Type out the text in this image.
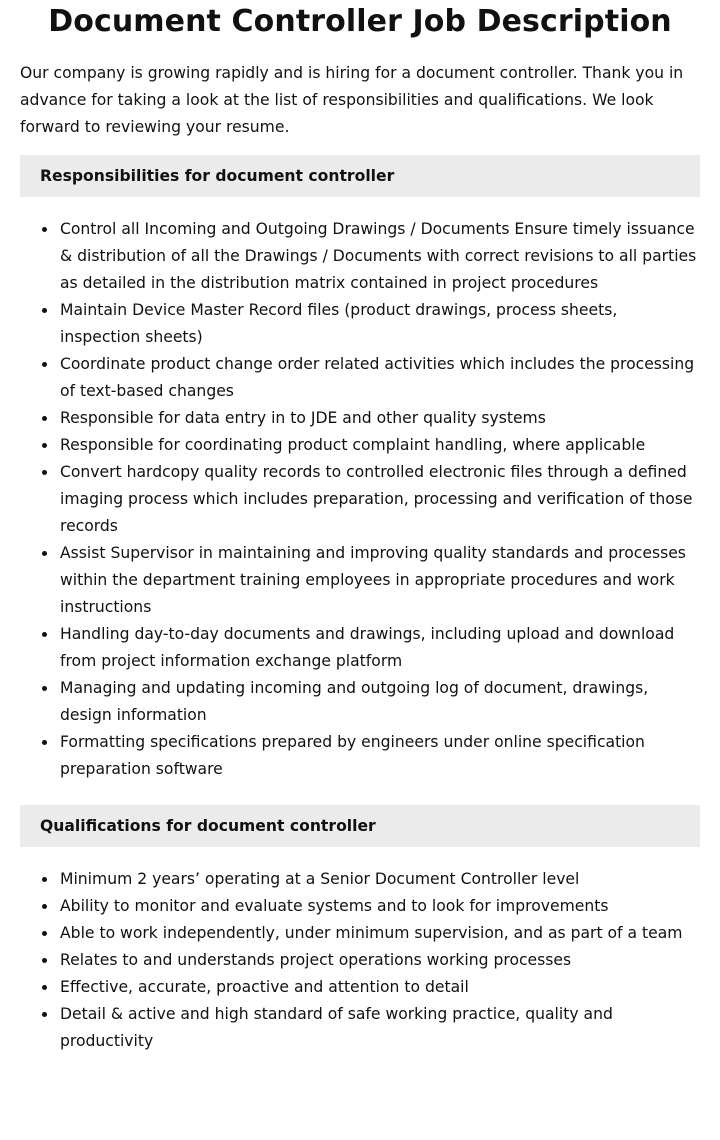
Document Controller Job Description

Our company is growing rapidly and is hiring for a document controller. Thank you in advance for taking a look at the list of responsibilities and qualifications. We look forward to reviewing your resume.

Responsibilities for document controller
Control all Incoming and Outgoing Drawings / Documents Ensure timely issuance & distribution of all the Drawings / Documents with correct revisions to all parties as detailed in the distribution matrix contained in project procedures
Maintain Device Master Record files (product drawings, process sheets, inspection sheets)
Coordinate product change order related activities which includes the processing of text-based changes
Responsible for data entry in to JDE and other quality systems
Responsible for coordinating product complaint handling, where applicable
Convert hardcopy quality records to controlled electronic files through a defined imaging process which includes preparation, processing and verification of those records
Assist Supervisor in maintaining and improving quality standards and processes within the department training employees in appropriate procedures and work instructions
Handling day-to-day documents and drawings, including upload and download from project information exchange platform
Managing and updating incoming and outgoing log of document, drawings, design information
Formatting specifications prepared by engineers under online specification preparation software
Qualifications for document controller
Minimum 2 years’ operating at a Senior Document Controller level
Ability to monitor and evaluate systems and to look for improvements
Able to work independently, under minimum supervision, and as part of a team
Relates to and understands project operations working processes
Effective, accurate, proactive and attention to detail
Detail & active and high standard of safe working practice, quality and productivity
